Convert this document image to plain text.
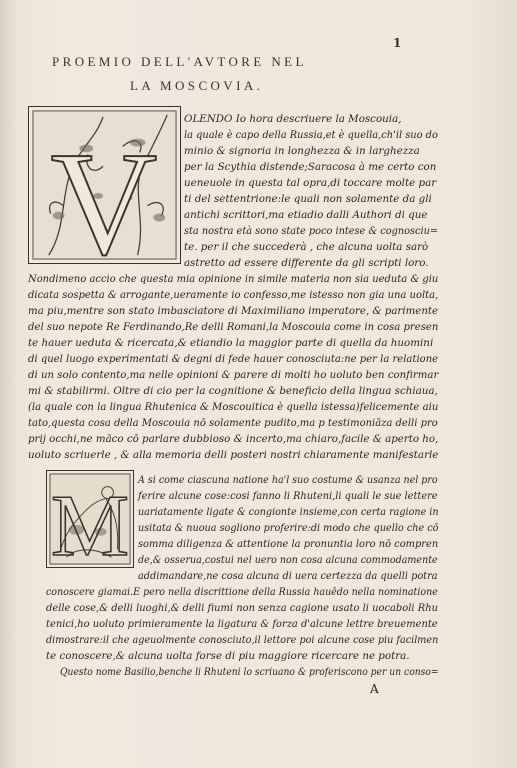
1
PROEMIO DELL'AVTORE NEL
LA MOSCOVIA.
V
M
OLENDO Io hora descriuere la Moscouia,
la quale è capo della Russia,et è quella,ch'il suo do
minio & signoria in longhezza & in larghezza
per la Scythia distende;Saracosa à me certo con
ueneuole in questa tal opra,di toccare molte par
ti del settentrione:le quali non solamente da gli
antichi scrittori,ma etiadio dalli Authori di que
sta nostra età sono state poco intese & cognosciu=
te. per il che succederà , che alcuna uolta sarò
astretto ad essere differente da gli scripti loro.
Nondimeno accio che questa mia opinione in simile materia non sia ueduta & giu
dicata sospetta & arrogante,ueramente io confesso,me istesso non gia una uolta,
ma piu,mentre son stato imbasciatore di Maximiliano imperatore, & parimente
del suo nepote Re Ferdinando,Re delli Romani,la Moscouia come in cosa presen
te hauer ueduta & ricercata,& etiandio la maggior parte di quella da huomini
di quel luogo experimentati & degni di fede hauer conosciuta:ne per la relatione
di un solo contento,ma nelle opinioni & parere di molti ho uoluto ben confirmar
mi & stabilirmi. Oltre di cio per la cognitione & beneficio della lingua schiaua,
(la quale con la lingua Rhutenica & Moscouitica è quella istessa)felicemente aiu
tato,questa cosa della Moscouia nō solamente pudito,ma p testimoniāza delli pro
prij occhi,ne māco cō parlare dubbioso & incerto,ma chiaro,facile & aperto ho,
uoluto scriuerle , & alla memoria delli posteri nostri chiaramente manifestarle
A si come ciascuna natione ha'l suo costume & usanza nel pro
ferire alcune cose:cosi fanno li Rhuteni,li quali le sue lettere
uariatamente ligate & congionte insieme,con certa ragione in
usitata & nuoua sogliono proferire:di modo che quello che cō
somma diligenza & attentione la pronuntia loro nō compren
de,& osserua,costui nel uero non cosa alcuna commodamente
addimandare,ne cosa alcuna di uera certezza da quelli potra
conoscere giamai.E pero nella discrittione della Russia hauēdo nella nominatione
delle cose,& delli luoghi,& delli fiumi non senza cagione usato li uocaboli Rhu
tenici,ho uoluto primieramente la ligatura & forza d'alcune lettre breuemente
dimostrare:il che ageuolmente conosciuto,il lettore poi alcune cose piu facilmen
te conoscere,& alcuna uolta forse di piu maggiore ricercare ne potra.
Questo nome Basilio,benche li Rhuteni lo scriuano & proferiscono per un conso=
A
